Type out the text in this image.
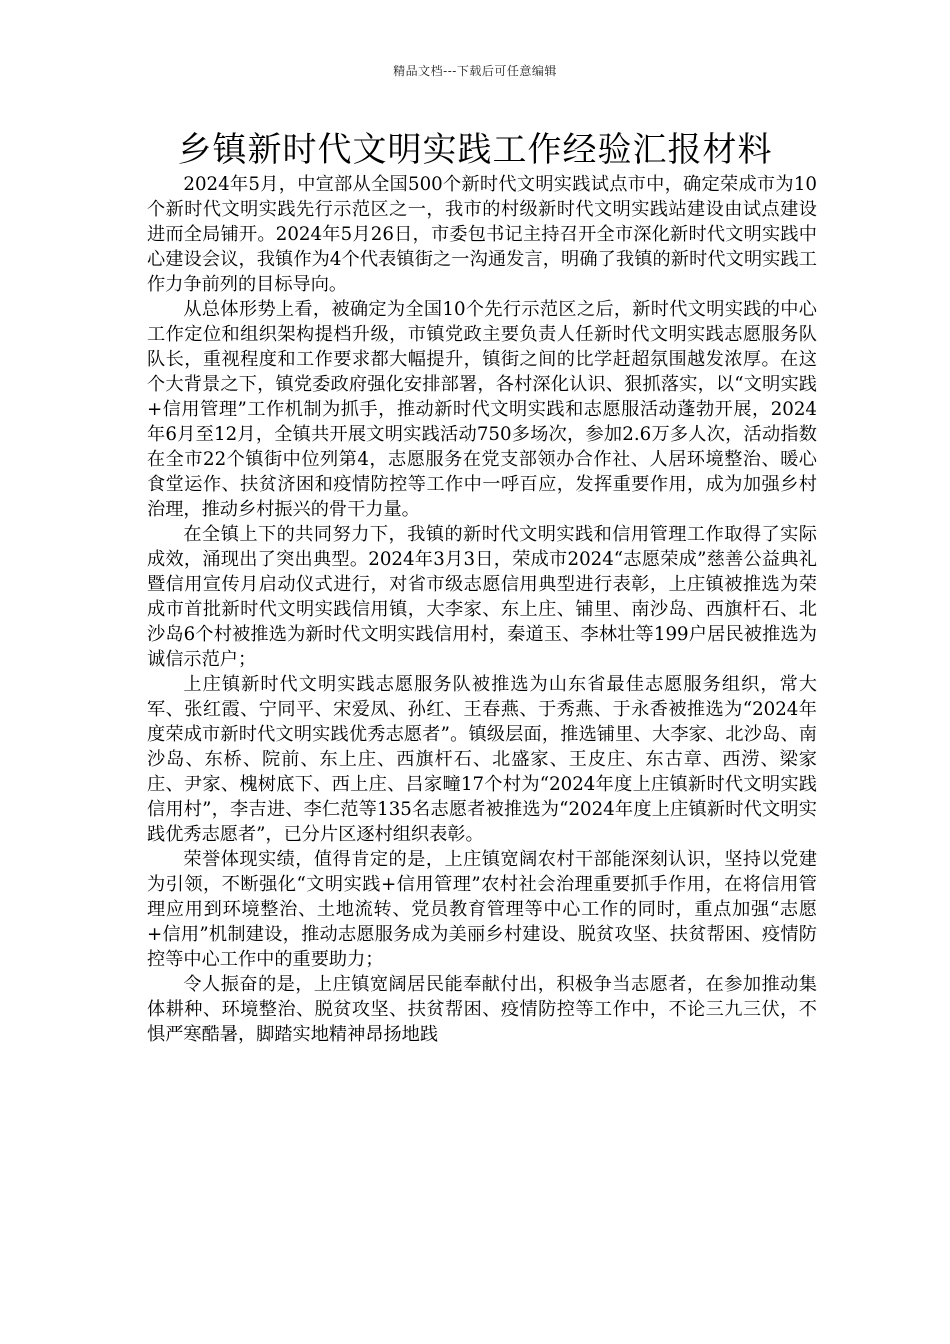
精品文档---下载后可任意编辑
乡镇新时代文明实践工作经验汇报材料

2024年5月，中宣部从全国500个新时代文明实践试点市中，确定荣成市为10个新时代文明实践先行示范区之一，我市的村级新时代文明实践站建设由试点建设进而全局铺开。2024年5月26日，市委包书记主持召开全市深化新时代文明实践中心建设会议，我镇作为4个代表镇街之一沟通发言，明确了我镇的新时代文明实践工作力争前列的目标导向。

从总体形势上看，被确定为全国10个先行示范区之后，新时代文明实践的中心工作定位和组织架构提档升级，市镇党政主要负责人任新时代文明实践志愿服务队队长，重视程度和工作要求都大幅提升，镇街之间的比学赶超氛围越发浓厚。在这个大背景之下，镇党委政府强化安排部署，各村深化认识、狠抓落实，以“文明实践+信用管理”工作机制为抓手，推动新时代文明实践和志愿服活动蓬勃开展，2024年6月至12月，全镇共开展文明实践活动750多场次，参加2.6万多人次，活动指数在全市22个镇街中位列第4，志愿服务在党支部领办合作社、人居环境整治、暖心食堂运作、扶贫济困和疫情防控等工作中一呼百应，发挥重要作用，成为加强乡村治理，推动乡村振兴的骨干力量。

在全镇上下的共同努力下，我镇的新时代文明实践和信用管理工作取得了实际成效，涌现出了突出典型。2024年3月3日，荣成市2024“志愿荣成”慈善公益典礼暨信用宣传月启动仪式进行，对省市级志愿信用典型进行表彰，上庄镇被推选为荣成市首批新时代文明实践信用镇，大李家、东上庄、铺里、南沙岛、西旗杆石、北沙岛6个村被推选为新时代文明实践信用村，秦道玉、李林壮等199户居民被推选为诚信示范户；

上庄镇新时代文明实践志愿服务队被推选为山东省最佳志愿服务组织，常大军、张红霞、宁同平、宋爱凤、孙红、王春燕、于秀燕、于永香被推选为“2024年度荣成市新时代文明实践优秀志愿者”。镇级层面，推选铺里、大李家、北沙岛、南沙岛、东桥、院前、东上庄、西旗杆石、北盛家、王皮庄、东古章、西涝、梁家庄、尹家、槐树底下、西上庄、吕家疃17个村为“2024年度上庄镇新时代文明实践信用村”，李吉进、李仁范等135名志愿者被推选为“2024年度上庄镇新时代文明实践优秀志愿者”，已分片区逐村组织表彰。

荣誉体现实绩，值得肯定的是，上庄镇宽阔农村干部能深刻认识，坚持以党建为引领，不断强化“文明实践+信用管理”农村社会治理重要抓手作用，在将信用管理应用到环境整治、土地流转、党员教育管理等中心工作的同时，重点加强“志愿+信用”机制建设，推动志愿服务成为美丽乡村建设、脱贫攻坚、扶贫帮困、疫情防控等中心工作中的重要助力；

令人振奋的是，上庄镇宽阔居民能奉献付出，积极争当志愿者，在参加推动集体耕种、环境整治、脱贫攻坚、扶贫帮困、疫情防控等工作中，不论三九三伏，不惧严寒酷暑，脚踏实地精神昂扬地践
